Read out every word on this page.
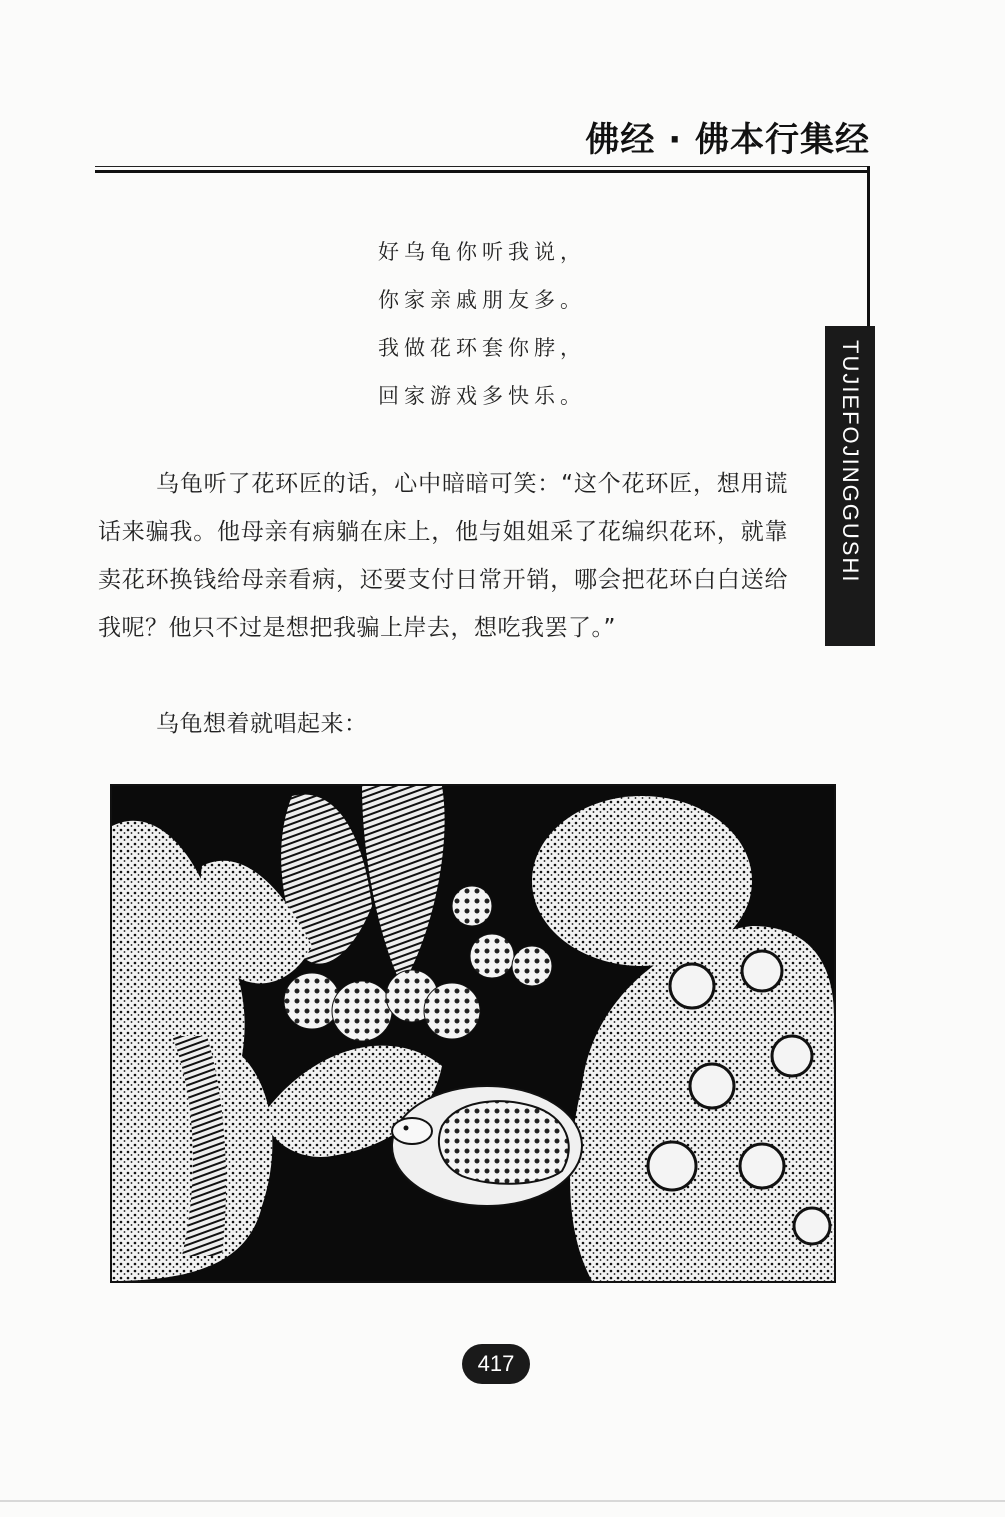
佛经 · 佛本行集经
TUJIEFOJINGGUSHI
好乌龟你听我说，
你家亲戚朋友多。
我做花环套你脖，
回家游戏多快乐。
乌龟听了花环匠的话，心中暗暗可笑：“这个花环匠，想用谎话来骗我。他母亲有病躺在床上，他与姐姐采了花编织花环，就靠卖花环换钱给母亲看病，还要支付日常开销，哪会把花环白白送给我呢？他只不过是想把我骗上岸去，想吃我罢了。”
乌龟想着就唱起来：
417
